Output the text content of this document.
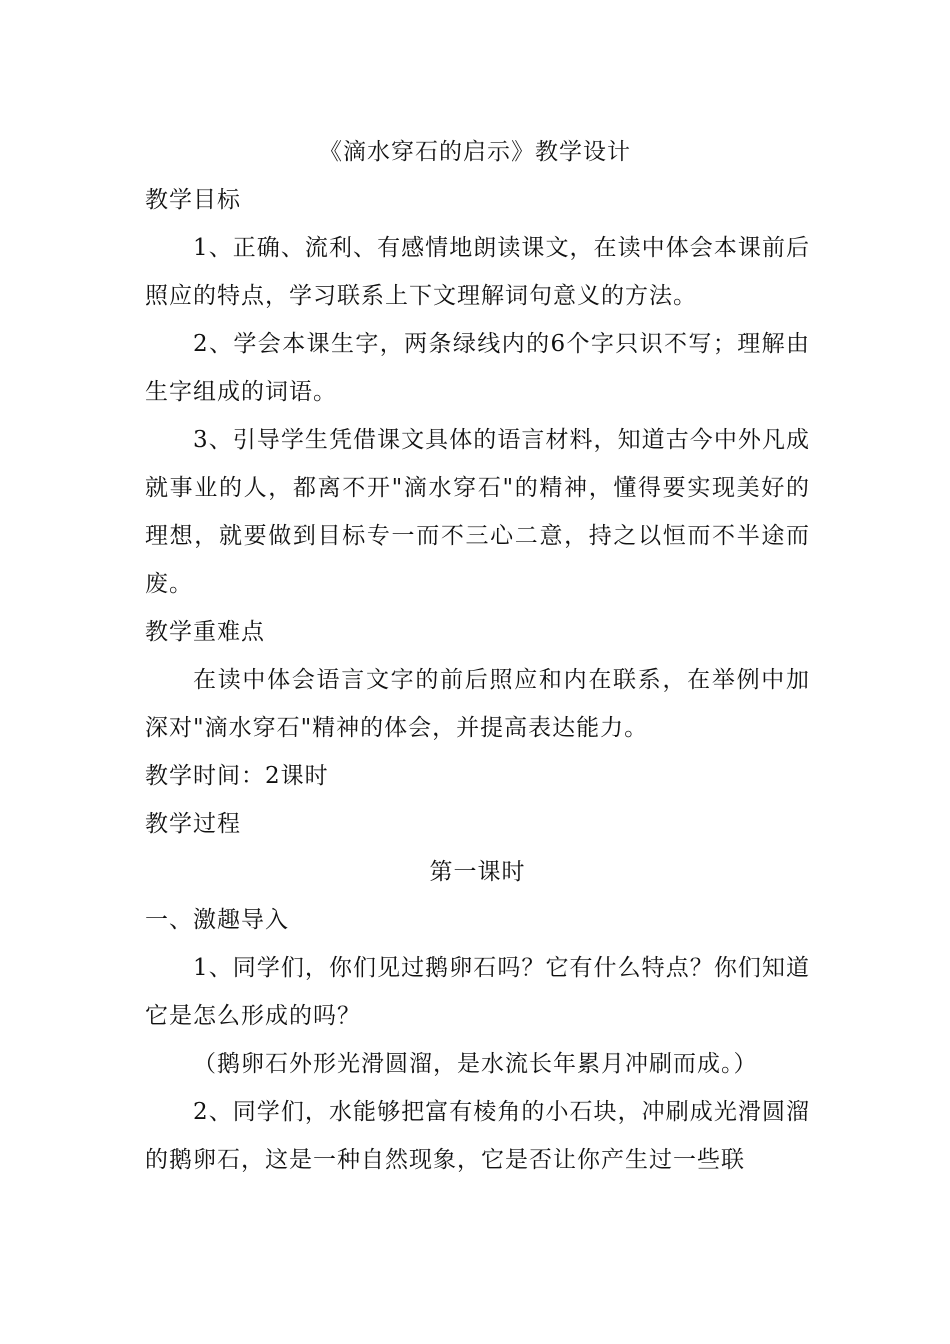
《滴水穿石的启示》教学设计
教学目标

1、正确、流利、有感情地朗读课文，在读中体会本课前后照应的特点，学习联系上下文理解词句意义的方法。

2、学会本课生字，两条绿线内的6个字只识不写；理解由生字组成的词语。

3、引导学生凭借课文具体的语言材料，知道古今中外凡成就事业的人，都离不开"滴水穿石"的精神，懂得要实现美好的理想，就要做到目标专一而不三心二意，持之以恒而不半途而废。

教学重难点

在读中体会语言文字的前后照应和内在联系，在举例中加深对"滴水穿石"精神的体会，并提高表达能力。

教学时间：2课时
教学过程
第一课时
一、激趣导入

1、同学们，你们见过鹅卵石吗？它有什么特点？你们知道它是怎么形成的吗？

（鹅卵石外形光滑圆溜，是水流长年累月冲刷而成。）

2、同学们，水能够把富有棱角的小石块，冲刷成光滑圆溜的鹅卵石，这是一种自然现象，它是否让你产生过一些联
